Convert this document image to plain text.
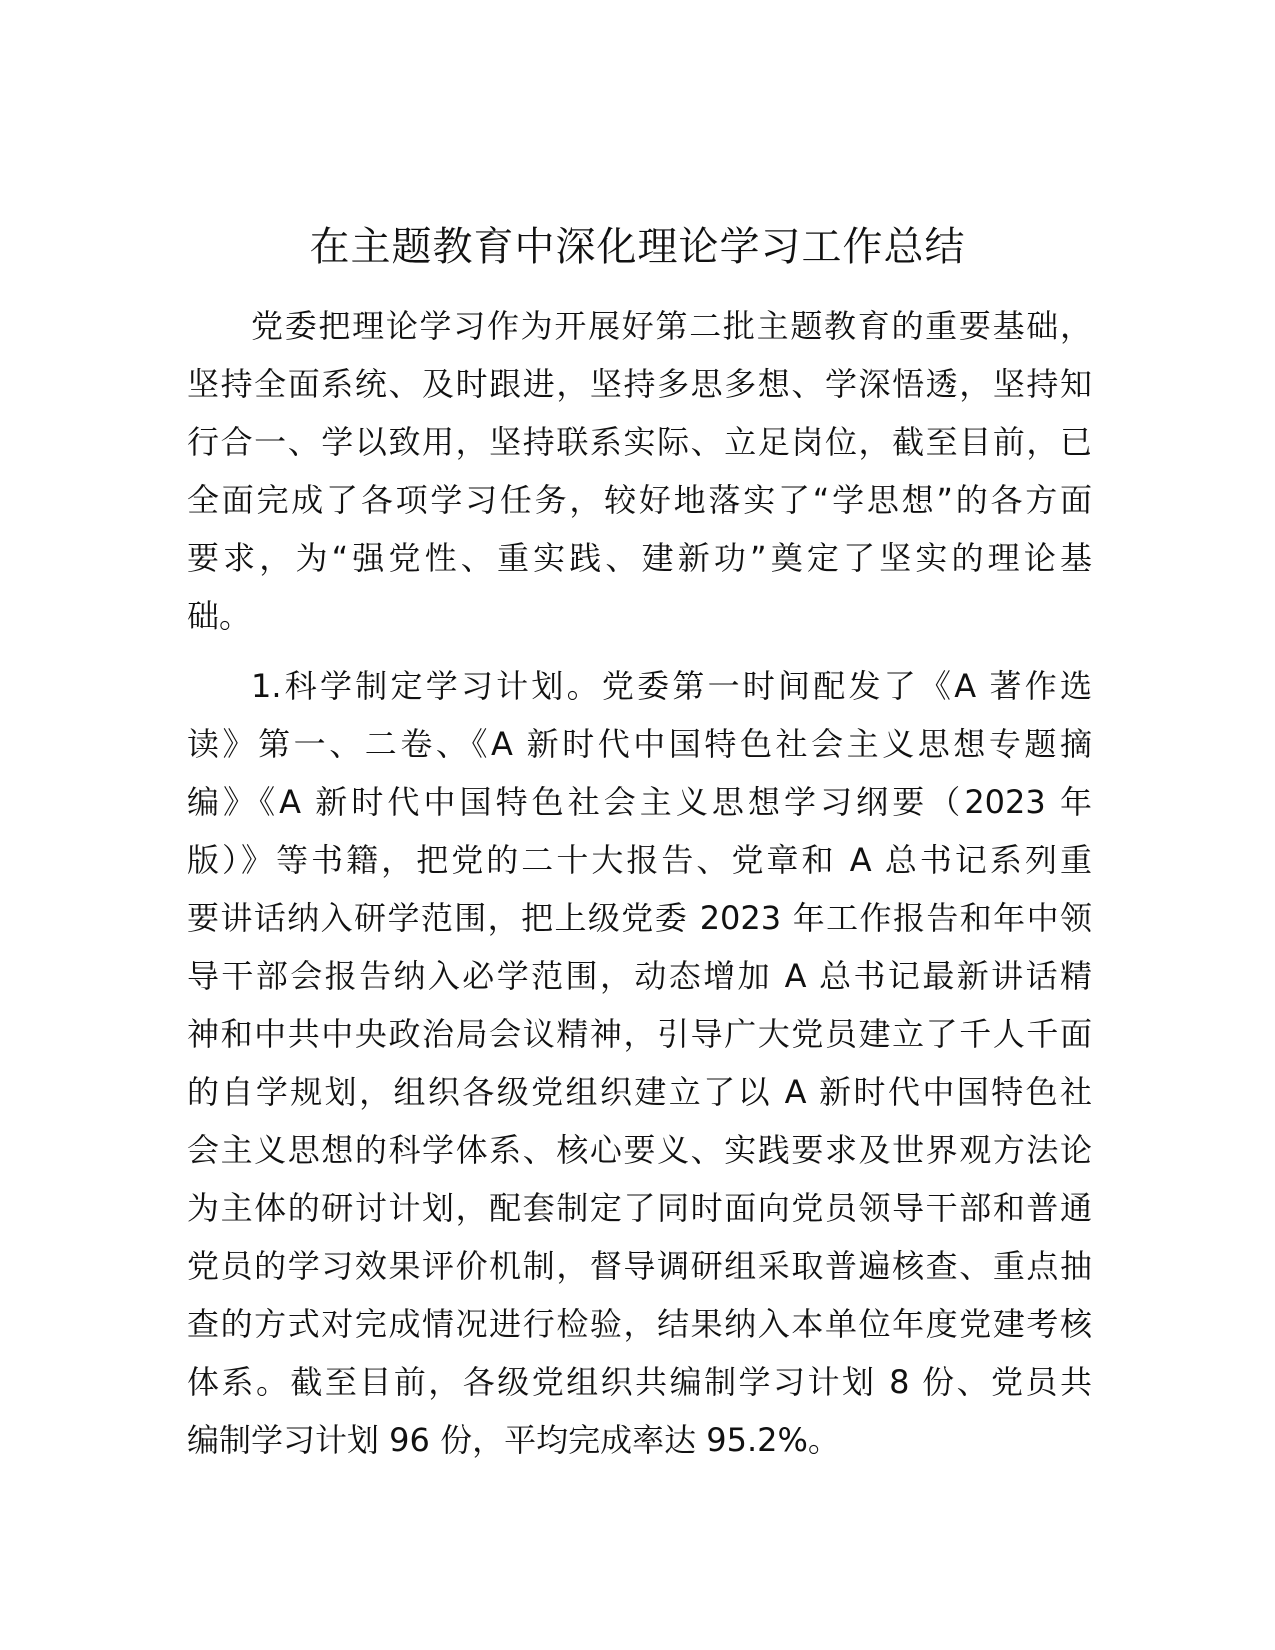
在主题教育中深化理论学习工作总结
党委把理论学习作为开展好第二批主题教育的重要基础，
坚持全面系统、及时跟进，坚持多思多想、学深悟透，坚持知
行合一、学以致用，坚持联系实际、立足岗位，截至目前，已
全面完成了各项学习任务，较好地落实了“学思想”的各方面
要求，为“强党性、重实践、建新功”奠定了坚实的理论基
础。
1.科学制定学习计划。党委第一时间配发了《A 著作选
读》第一、二卷、《A 新时代中国特色社会主义思想专题摘
编》《A 新时代中国特色社会主义思想学习纲要（2023 年
版）》等书籍，把党的二十大报告、党章和 A 总书记系列重
要讲话纳入研学范围，把上级党委 2023 年工作报告和年中领
导干部会报告纳入必学范围，动态增加 A 总书记最新讲话精
神和中共中央政治局会议精神，引导广大党员建立了千人千面
的自学规划，组织各级党组织建立了以 A 新时代中国特色社
会主义思想的科学体系、核心要义、实践要求及世界观方法论
为主体的研讨计划，配套制定了同时面向党员领导干部和普通
党员的学习效果评价机制，督导调研组采取普遍核查、重点抽
查的方式对完成情况进行检验，结果纳入本单位年度党建考核
体系。截至目前，各级党组织共编制学习计划 8 份、党员共
编制学习计划 96 份，平均完成率达 95.2%。
